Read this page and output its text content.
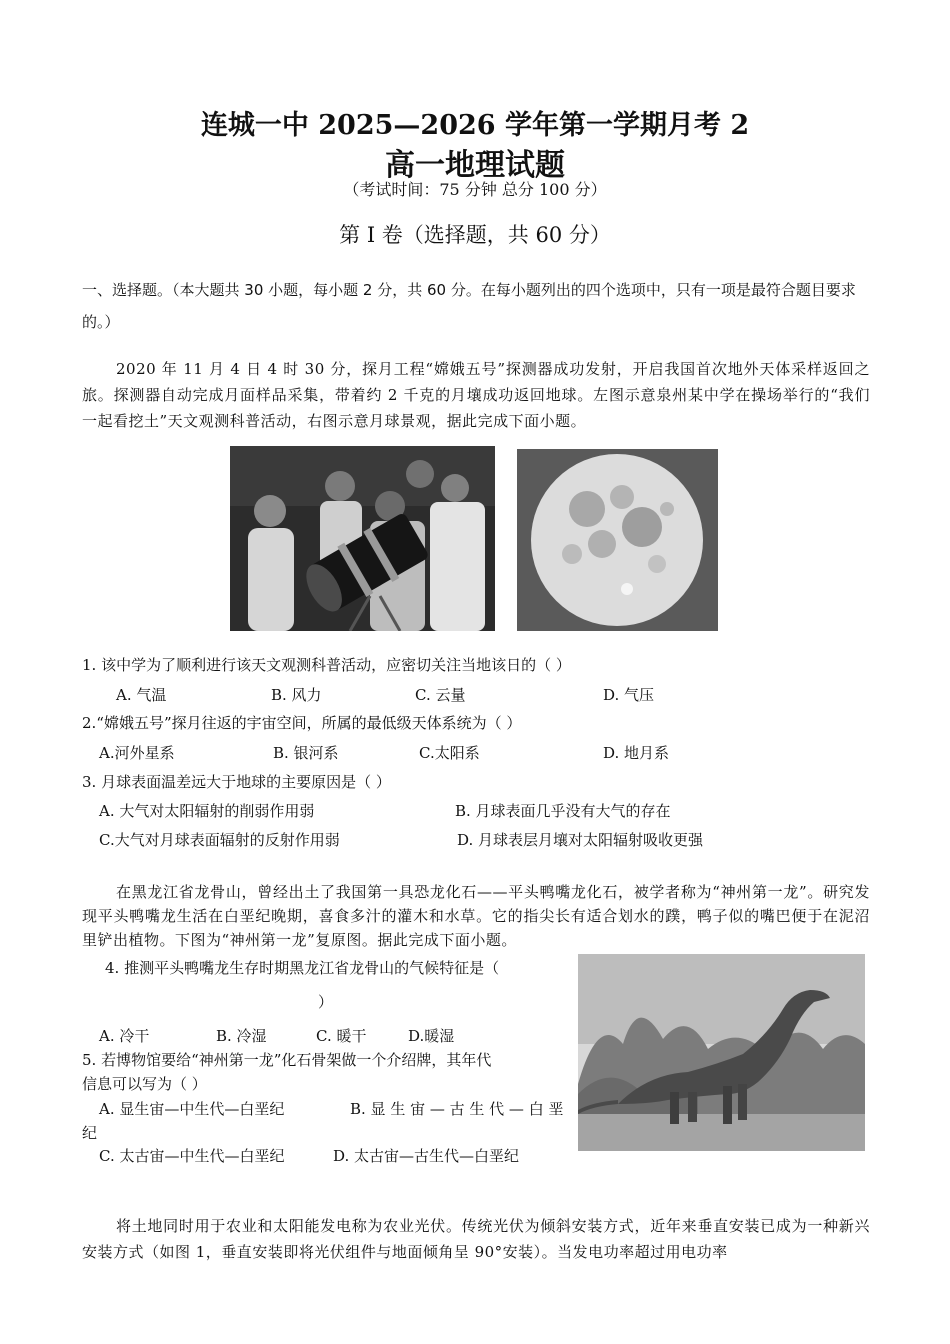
连城一中 2025—2026 学年第一学期月考 2
高一地理试题
（考试时间：75 分钟 总分 100 分）
第 I 卷（选择题，共 60 分）
一、选择题。（本大题共 30 小题，每小题 2 分，共 60 分。在每小题列出的四个选项中，只有一项是最符合题目要求的。）
2020 年 11 月 4 日 4 时 30 分，探月工程“嫦娥五号”探测器成功发射，开启我国首次地外天体采样返回之旅。探测器自动完成月面样品采集，带着约 2 千克的月壤成功返回地球。左图示意泉州某中学在操场举行的“我们一起看挖土”天文观测科普活动，右图示意月球景观，据此完成下面小题。
1. 该中学为了顺利进行该天文观测科普活动，应密切关注当地该日的（ ）
A. 气温	B. 风力	C. 云量	D. 气压
2.“嫦娥五号”探月往返的宇宙空间，所属的最低级天体系统为（ ）
A.河外星系	B. 银河系	C.太阳系	D. 地月系
3. 月球表面温差远大于地球的主要原因是（ ）
A. 大气对太阳辐射的削弱作用弱	B. 月球表面几乎没有大气的存在
C.大气对月球表面辐射的反射作用弱	D. 月球表层月壤对太阳辐射吸收更强
在黑龙江省龙骨山，曾经出土了我国第一具恐龙化石——平头鸭嘴龙化石，被学者称为“神州第一龙”。研究发现平头鸭嘴龙生活在白垩纪晚期，喜食多汁的灌木和水草。它的指尖长有适合划水的蹼，鸭子似的嘴巴便于在泥沼里铲出植物。下图为“神州第一龙”复原图。据此完成下面小题。
4. 推测平头鸭嘴龙生存时期黑龙江省龙骨山的气候特征是（
）
A. 冷干	B. 冷湿	C. 暖干	D.暖湿
5. 若博物馆要给“神州第一龙”化石骨架做一个介绍牌，其年代
信息可以写为（ ）
A. 显生宙—中生代—白垩纪	B. 显 生 宙 — 古 生 代 — 白 垩
纪
C. 太古宙—中生代—白垩纪	D. 太古宙—古生代—白垩纪
将土地同时用于农业和太阳能发电称为农业光伏。传统光伏为倾斜安装方式，近年来垂直安装已成为一种新兴安装方式（如图 1，垂直安装即将光伏组件与地面倾角呈 90°安装）。当发电功率超过用电功率
